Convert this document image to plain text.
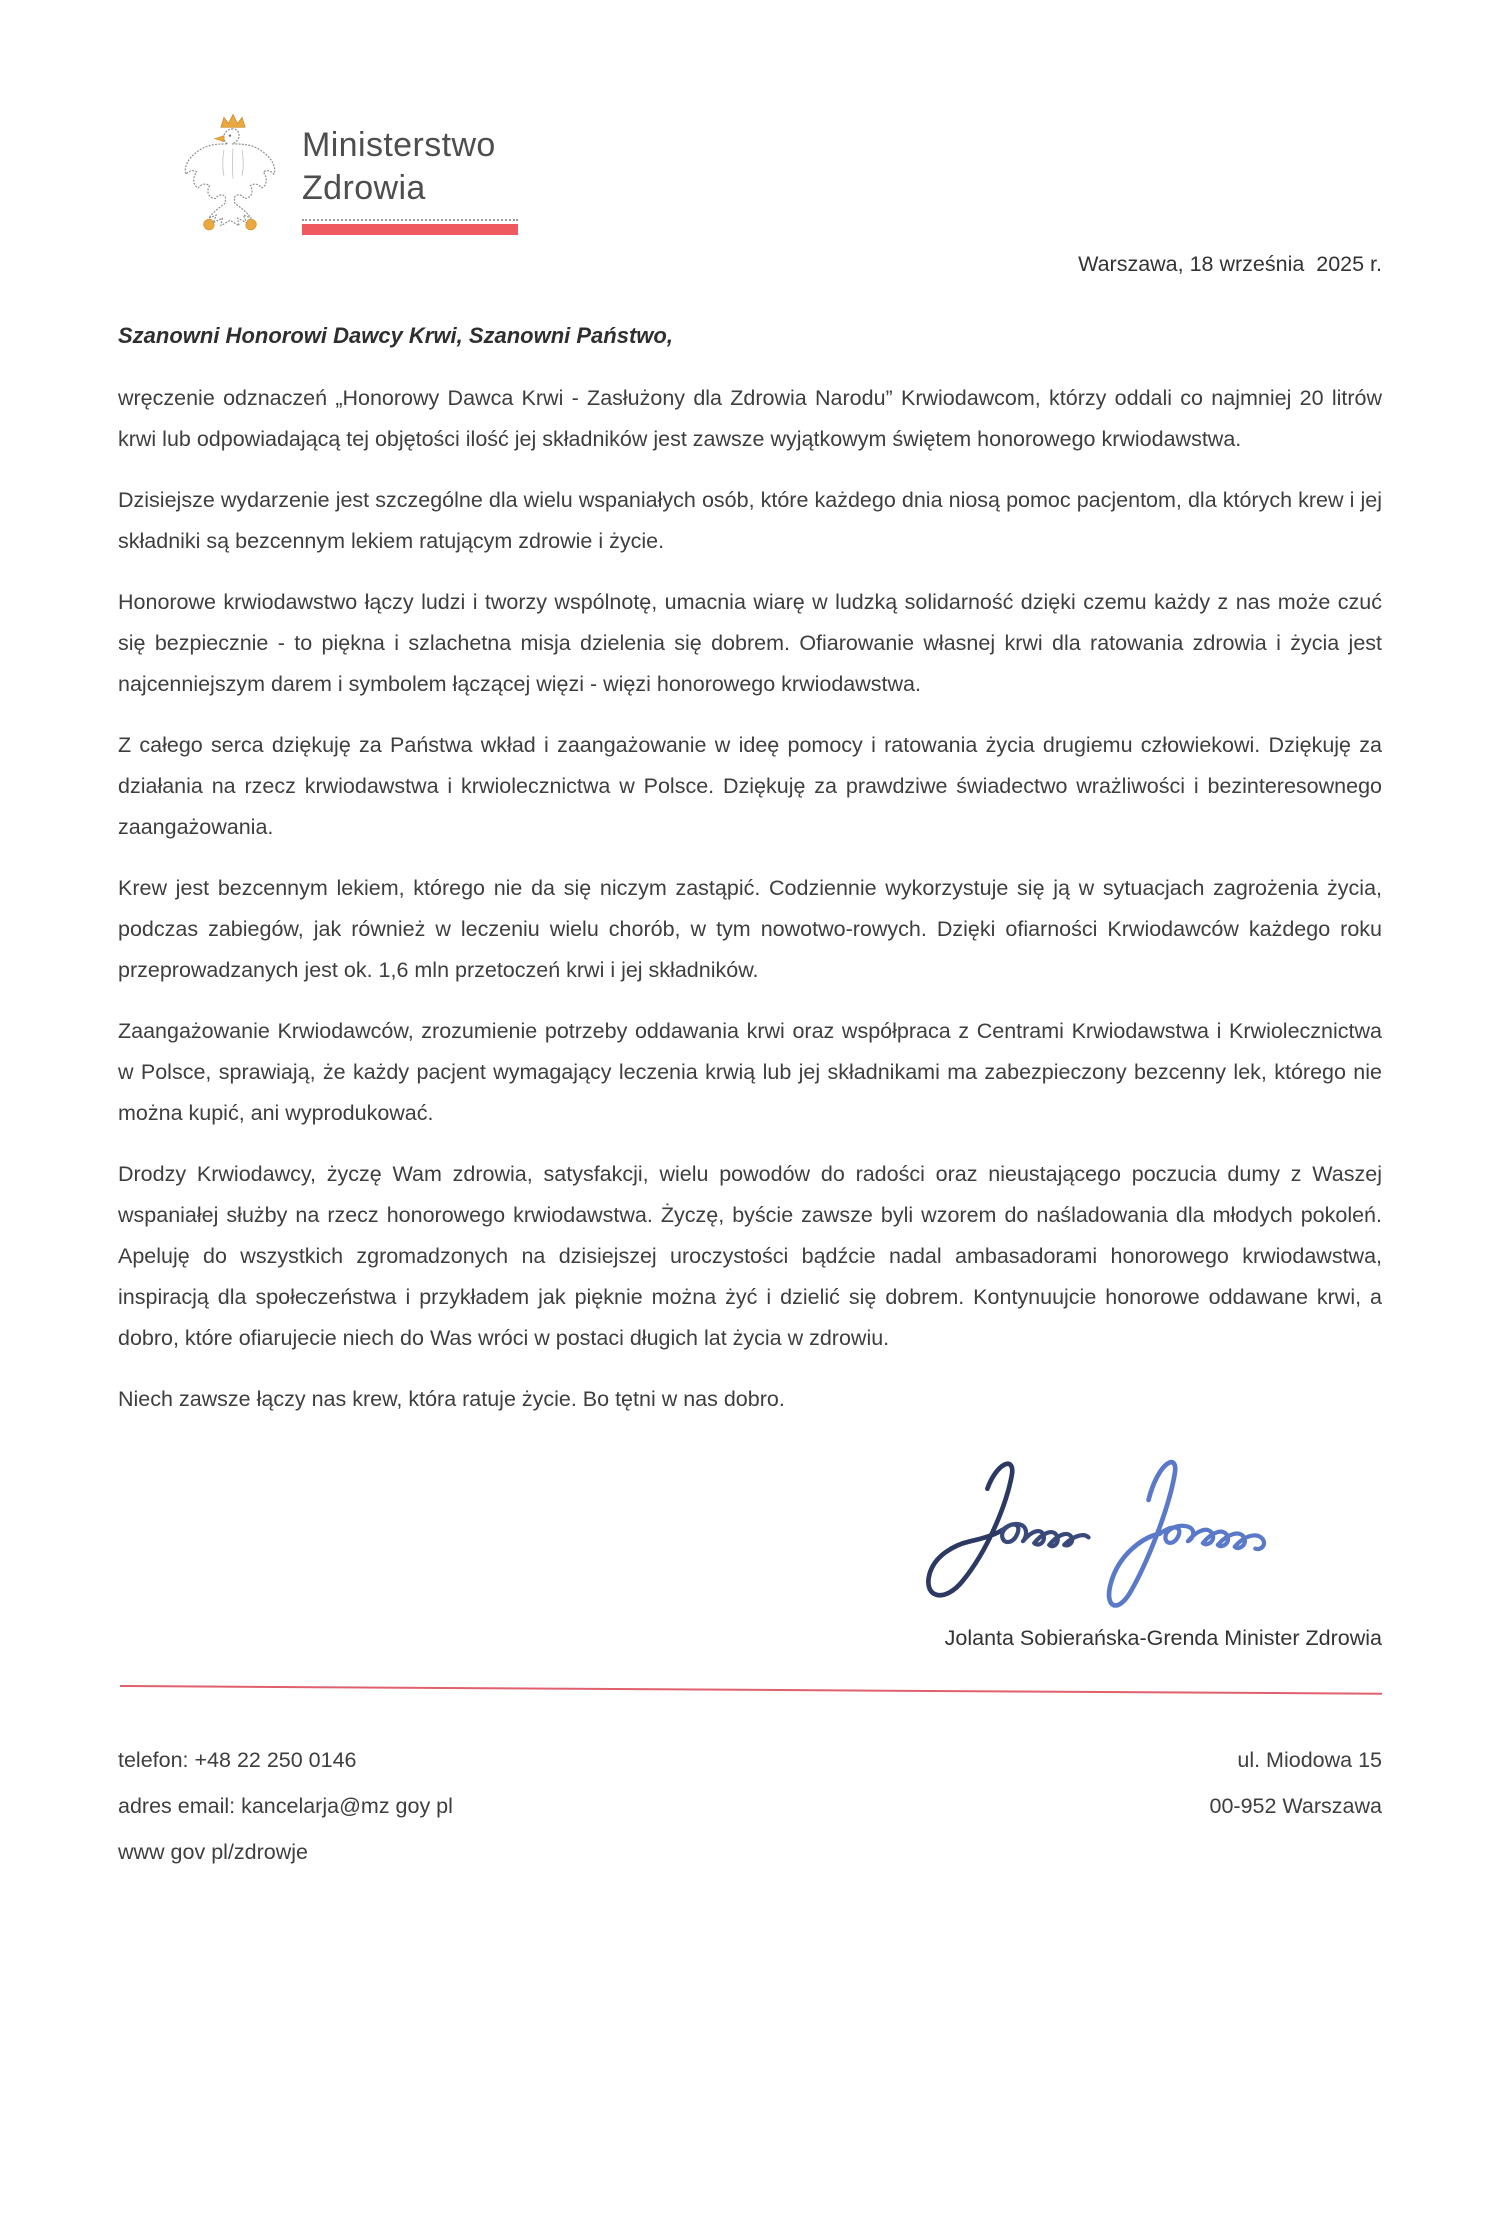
Ministerstwo
Zdrowia
Warszawa, 18 września  2025 r.
Szanowni Honorowi Dawcy Krwi, Szanowni Państwo,

wręczenie odznaczeń „Honorowy Dawca Krwi - Zasłużony dla Zdrowia Narodu” Krwiodawcom, którzy oddali co najmniej 20 litrów krwi lub odpowiadającą tej objętości ilość jej składników jest zawsze wyjątkowym świętem honorowego krwiodawstwa.

Dzisiejsze wydarzenie jest szczególne dla wielu wspaniałych osób, które każdego dnia niosą pomoc pacjentom, dla których krew i jej składniki są bezcennym lekiem ratującym zdrowie i życie.

Honorowe krwiodawstwo łączy ludzi i tworzy wspólnotę, umacnia wiarę w ludzką solidarność dzięki czemu każdy z nas może czuć się bezpiecznie - to piękna i szlachetna misja dzielenia się dobrem. Ofiarowanie własnej krwi dla ratowania zdrowia i życia jest najcenniejszym darem i symbolem łączącej więzi - więzi honorowego krwiodawstwa.

Z całego serca dziękuję za Państwa wkład i zaangażowanie w ideę pomocy i ratowania życia drugiemu człowiekowi. Dziękuję za działania na rzecz krwiodawstwa i krwiolecznictwa w Polsce. Dziękuję za prawdziwe świadectwo wrażliwości i bezinteresownego zaangażowania.

Krew jest bezcennym lekiem, którego nie da się niczym zastąpić. Codziennie wykorzystuje się ją w sytuacjach zagrożenia życia, podczas zabiegów, jak również w leczeniu wielu chorób, w tym nowotwo-rowych. Dzięki ofiarności Krwiodawców każdego roku przeprowadzanych jest ok. 1,6 mln przetoczeń krwi i jej składników.

Zaangażowanie Krwiodawców, zrozumienie potrzeby oddawania krwi oraz współpraca z Centrami Krwiodawstwa i Krwiolecznictwa w Polsce, sprawiają, że każdy pacjent wymagający leczenia krwią lub jej składnikami ma zabezpieczony bezcenny lek, którego nie można kupić, ani wyprodukować.

Drodzy Krwiodawcy, życzę Wam zdrowia, satysfakcji, wielu powodów do radości oraz nieustającego poczucia dumy z Waszej wspaniałej służby na rzecz honorowego krwiodawstwa. Życzę, byście zawsze byli wzorem do naśladowania dla młodych pokoleń. Apeluję do wszystkich zgromadzonych na dzisiejszej uroczystości bądźcie nadal ambasadorami honorowego krwiodawstwa, inspiracją dla społeczeństwa i przykładem jak pięknie można żyć i dzielić się dobrem. Kontynuujcie honorowe oddawane krwi, a dobro, które ofiarujecie niech do Was wróci w postaci długich lat życia w zdrowiu.

Niech zawsze łączy nas krew, która ratuje życie. Bo tętni w nas dobro.

Jolanta Sobierańska-Grenda Minister Zdrowia
telefon: +48 22 250 0146
adres email: kancelarja@mz goy pl
www gov pl/zdrowje
ul. Miodowa 15
00-952 Warszawa
